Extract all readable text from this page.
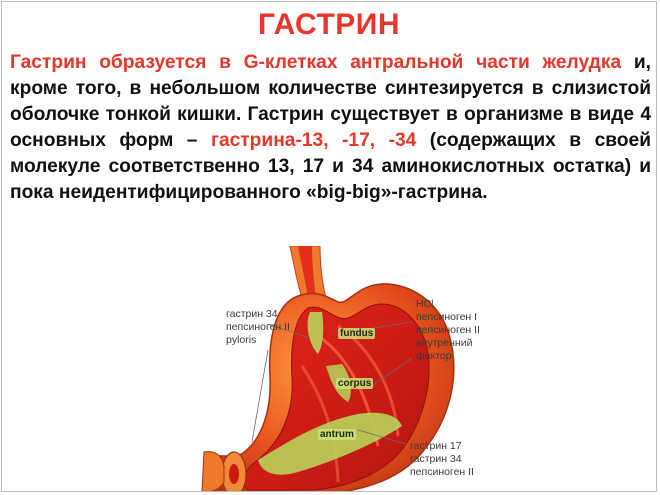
ГАСТРИН

Гастрин образуется в G-клетках антральной части желудка и, кроме того, в небольшом количестве синтезируется в слизистой оболочке тонкой кишки. Гастрин существует в организме в виде 4 основных форм – гастрина-13, -17, -34 (содержащих в своей молекуле соответственно 13, 17 и 34 аминокислотных остатка) и пока неидентифицированного «big-big»-гастрина.

гастрин 34
пепсиноген II
pyloris
HCl
пепсиноген I
пепсиноген II
внутренний
фактор
гастрин 17
гастрин 34
пепсиноген II
fundus
corpus
antrum
